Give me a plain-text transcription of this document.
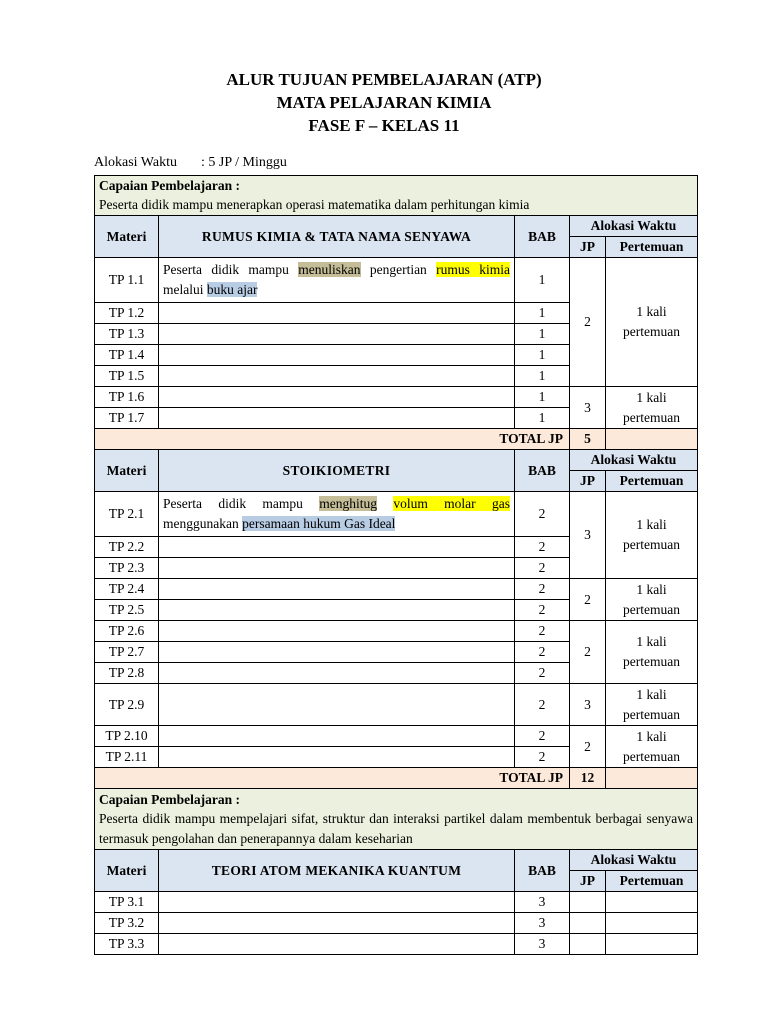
ALUR TUJUAN PEMBELAJARAN (ATP)
MATA PELAJARAN KIMIA
FASE F – KELAS 11
Alokasi Waktu : 5 JP / Minggu
Capaian Pembelajaran :
Peserta didik mampu menerapkan operasi matematika dalam perhitungan kimia				

Materi	RUMUS KIMIA & TATA NAMA SENYAWA	BAB	Alokasi Waktu	
			JP	Pertemuan
TP 1.1	Peserta didik mampu menuliskan pengertian rumus kimia melalui buku ajar	1	2	1 kali pertemuan
TP 1.2		1		
TP 1.3		1		
TP 1.4		1		
TP 1.5		1		
TP 1.6		1	3	1 kali pertemuan
TP 1.7		1		
TOTAL JP			5	
Materi	STOIKIOMETRI	BAB	Alokasi Waktu	
			JP	Pertemuan
TP 2.1	Peserta didik mampu menghitug volum molar gas menggunakan persamaan hukum Gas Ideal	2	3	1 kali pertemuan
TP 2.2		2		
TP 2.3		2		
TP 2.4		2	2	1 kali pertemuan
TP 2.5		2		
TP 2.6		2	2	1 kali pertemuan
TP 2.7		2		
TP 2.8		2		
TP 2.9		2	3	1 kali pertemuan
TP 2.10		2	2	1 kali pertemuan
TP 2.11		2		
TOTAL JP			12	

Capaian Pembelajaran :
Peserta didik mampu mempelajari sifat, struktur dan interaksi partikel dalam membentuk berbagai senyawa termasuk pengolahan dan penerapannya dalam keseharian				

Materi	TEORI ATOM MEKANIKA KUANTUM	BAB	Alokasi Waktu	
			JP	Pertemuan
TP 3.1		3		
TP 3.2		3		
TP 3.3		3		
